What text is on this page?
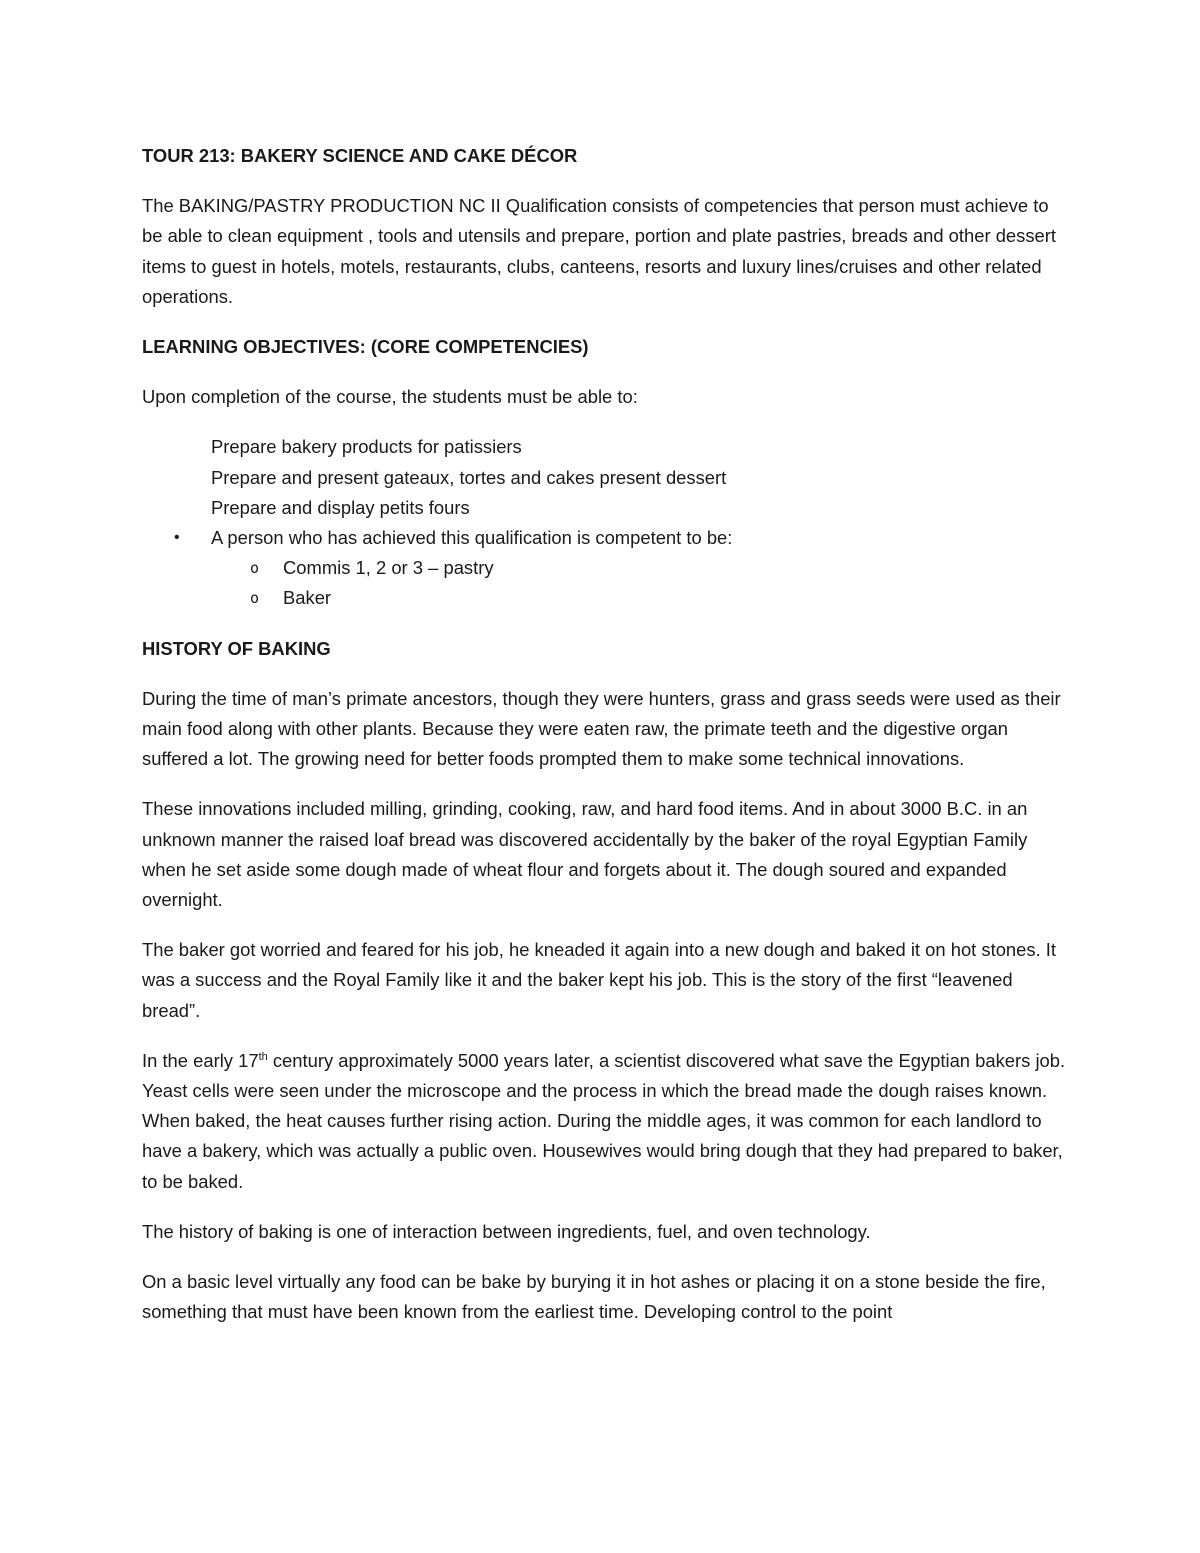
TOUR 213: BAKERY SCIENCE AND CAKE DÉCOR
The BAKING/PASTRY PRODUCTION NC II Qualification consists of competencies that person must achieve to be able to clean equipment , tools and utensils and prepare, portion and plate pastries, breads and other dessert items to guest in hotels, motels, restaurants, clubs, canteens, resorts and luxury lines/cruises and other related operations.
LEARNING OBJECTIVES: (CORE COMPETENCIES)
Upon completion of the course, the students must be able to:
Prepare bakery products for patissiers
Prepare and present gateaux, tortes and cakes present dessert
Prepare and display petits fours
• A person who has achieved this qualification is competent to be:
o Commis 1, 2 or 3 – pastry
o Baker
HISTORY OF BAKING
During the time of man’s primate ancestors, though they were hunters, grass and grass seeds were used as their main food along with other plants. Because they were eaten raw, the primate teeth and the digestive organ suffered a lot. The growing need for better foods prompted them to make some technical innovations.
These innovations included milling, grinding, cooking, raw, and hard food items. And in about 3000 B.C. in an unknown manner the raised loaf bread was discovered accidentally by the baker of the royal Egyptian Family when he set aside some dough made of wheat flour and forgets about it. The dough soured and expanded overnight.
The baker got worried and feared for his job, he kneaded it again into a new dough and baked it on hot stones. It was a success and the Royal Family like it and the baker kept his job. This is the story of the first “leavened bread”.
In the early 17th century approximately 5000 years later, a scientist discovered what save the Egyptian bakers job. Yeast cells were seen under the microscope and the process in which the bread made the dough raises known. When baked, the heat causes further rising action. During the middle ages, it was common for each landlord to have a bakery, which was actually a public oven. Housewives would bring dough that they had prepared to baker, to be baked.
The history of baking is one of interaction between ingredients, fuel, and oven technology.
On a basic level virtually any food can be bake by burying it in hot ashes or placing it on a stone beside the fire, something that must have been known from the earliest time. Developing control to the point
